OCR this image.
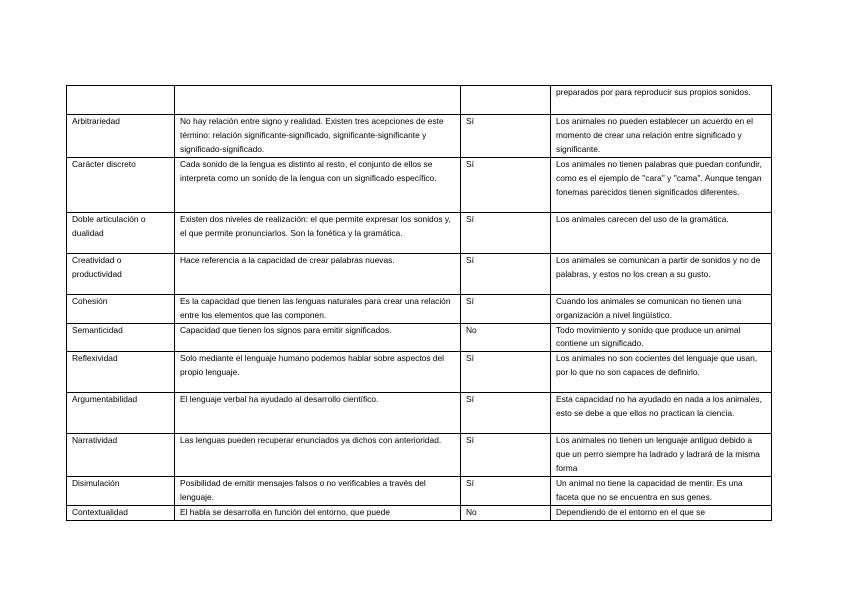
			preparados por para reproducir sus propios sonidos.
Arbitrariedad	No hay relación entre signo y realidad. Existen tres acepciones de este término: relación significante-significado, significante-significante y significado-significado.	Sí	Los animales no pueden establecer un acuerdo en el momento de crear una relación entre significado y significante.
Carácter discreto	Cada sonido de la lengua es distinto al resto, el conjunto de ellos se interpreta como un sonido de la lengua con un significado específico.	Sí	Los animales no tienen palabras que puedan confundir, como es el ejemplo de ''cara'' y ''cama''. Aunque tengan fonemas parecidos tienen significados diferentes.
Doble articulación o dualidad	Existen dos niveles de realización: el que permite expresar los sonidos y, el que permite pronunciarlos. Son la fonética y la gramática.	Sí	Los animales carecen del uso de la gramática.
Creatividad o productividad	Hace referencia a la capacidad de crear palabras nuevas.	Sí	Los animales se comunican a partir de sonidos y no de palabras, y estos no los crean a su gusto.
Cohesión	Es la capacidad que tienen las lenguas naturales para crear una relación entre los elementos que las componen.	Sí	Cuando los animales se comunican no tienen una organización a nivel lingüístico.
Semanticidad	Capacidad que tienen los signos para emitir significados.	No	Todo movimiento y sonido que produce un animal contiene un significado.
Reflexividad	Solo mediante el lenguaje humano podemos hablar sobre aspectos del propio lenguaje.	Sí	Los animales no son cocientes del lenguaje que usan, por lo que no son capaces de definirlo.
Argumentabilidad	El lenguaje verbal ha ayudado al desarrollo científico.	Sí	Esta capacidad no ha ayudado en nada a los animales, esto se debe a que ellos no practican la ciencia.
Narratividad	Las lenguas pueden recuperar enunciados ya dichos con anterioridad.	Sí	Los animales no tienen un lenguaje antiguo debido a que un perro siempre ha ladrado y ladrará de la misma forma
Disimulación	Posibilidad de emitir mensajes falsos o no verificables a través del lenguaje.	Sí	Un animal no tiene la capacidad de mentir. Es una faceta que no se encuentra en sus genes.
Contextualidad	El habla se desarrolla en función del entorno, que puede	No	Dependiendo de el entorno en el que se
